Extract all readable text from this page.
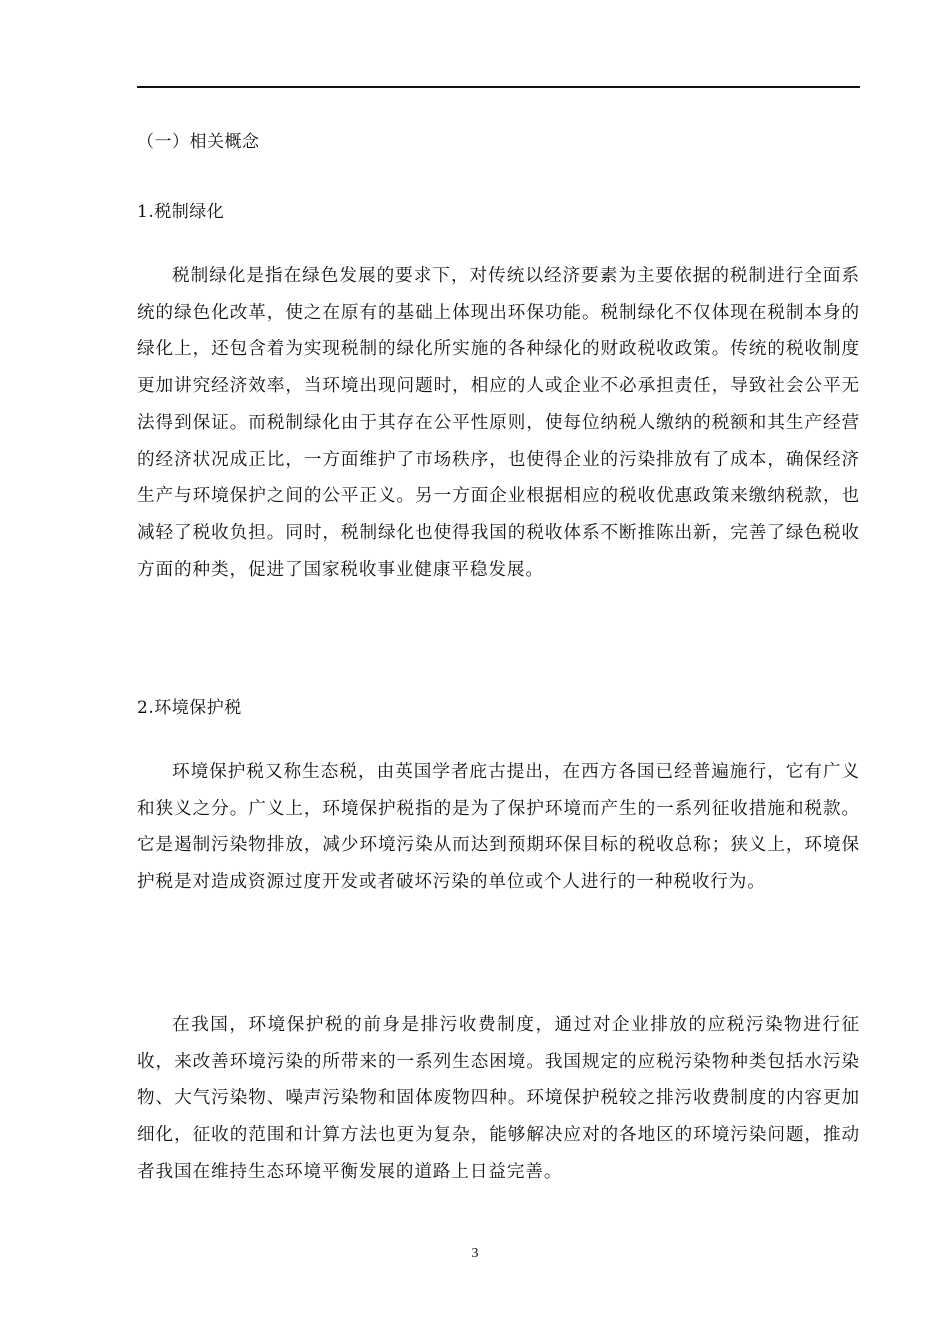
（一）相关概念
1.税制绿化

税制绿化是指在绿色发展的要求下，对传统以经济要素为主要依据的税制进行全面系统的绿色化改革，使之在原有的基础上体现出环保功能。税制绿化不仅体现在税制本身的绿化上，还包含着为实现税制的绿化所实施的各种绿化的财政税收政策。传统的税收制度更加讲究经济效率，当环境出现问题时，相应的人或企业不必承担责任，导致社会公平无法得到保证。而税制绿化由于其存在公平性原则，使每位纳税人缴纳的税额和其生产经营的经济状况成正比，一方面维护了市场秩序，也使得企业的污染排放有了成本，确保经济生产与环境保护之间的公平正义。另一方面企业根据相应的税收优惠政策来缴纳税款，也减轻了税收负担。同时，税制绿化也使得我国的税收体系不断推陈出新，完善了绿色税收方面的种类，促进了国家税收事业健康平稳发展。

2.环境保护税

环境保护税又称生态税，由英国学者庇古提出，在西方各国已经普遍施行，它有广义和狭义之分。广义上，环境保护税指的是为了保护环境而产生的一系列征收措施和税款。它是遏制污染物排放，减少环境污染从而达到预期环保目标的税收总称；狭义上，环境保护税是对造成资源过度开发或者破坏污染的单位或个人进行的一种税收行为。

在我国，环境保护税的前身是排污收费制度，通过对企业排放的应税污染物进行征收，来改善环境污染的所带来的一系列生态困境。我国规定的应税污染物种类包括水污染物、大气污染物、噪声污染物和固体废物四种。环境保护税较之排污收费制度的内容更加细化，征收的范围和计算方法也更为复杂，能够解决应对的各地区的环境污染问题，推动者我国在维持生态环境平衡发展的道路上日益完善。

3
